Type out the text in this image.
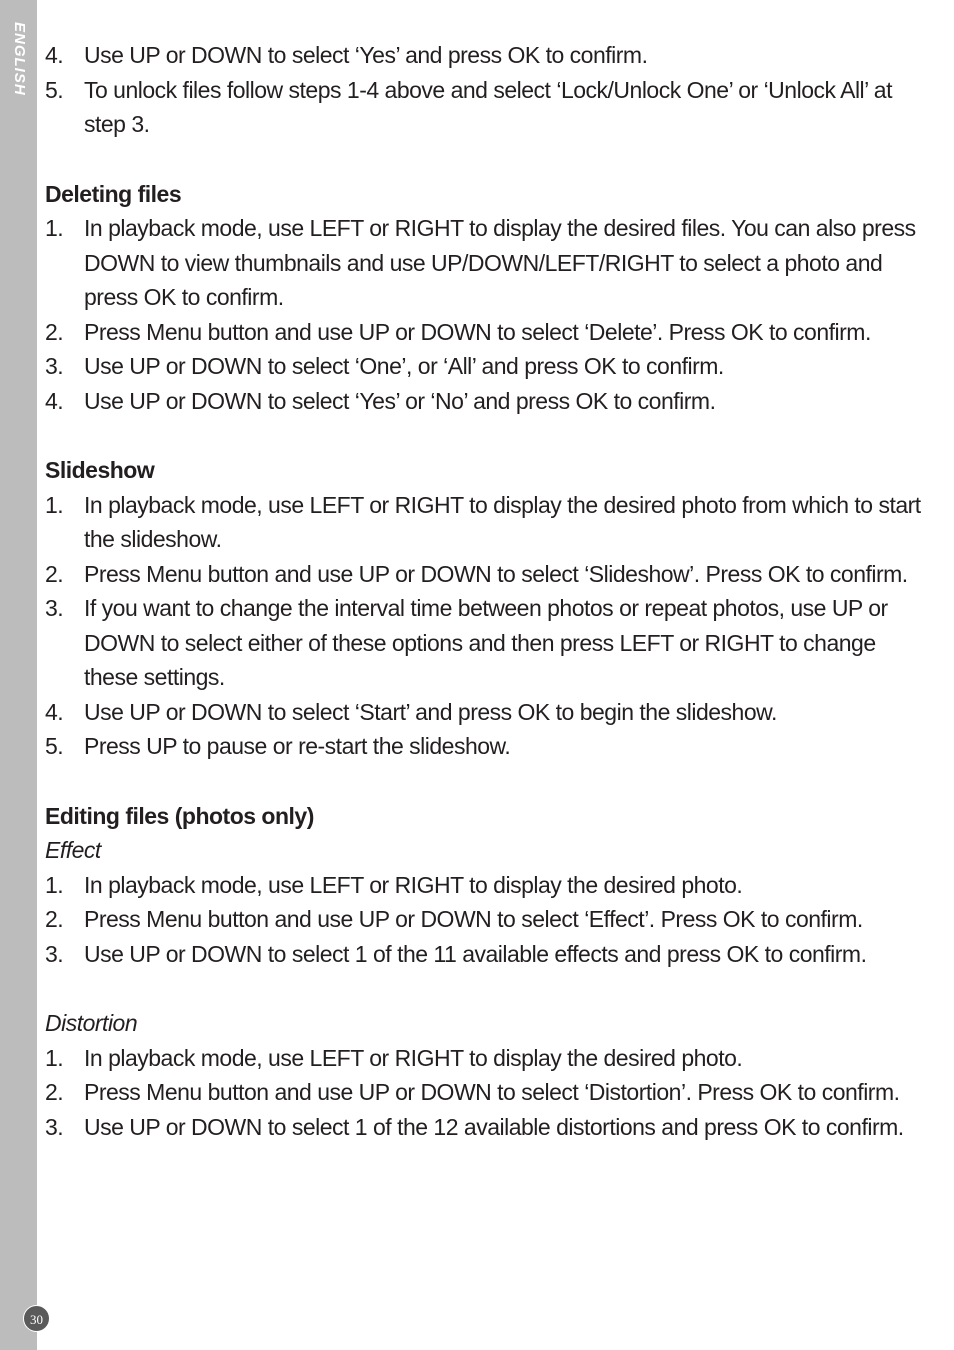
ENGLISH
30
4. Use UP or DOWN to select ‘Yes’ and press OK to confirm.
5. To unlock files follow steps 1-4 above and select ‘Lock/Unlock One’ or ‘Unlock All’ at step 3.
Deleting files
1. In playback mode, use LEFT or RIGHT to display the desired files. You can also press DOWN to view thumbnails and use UP/DOWN/LEFT/RIGHT to select a photo and press OK to confirm.
2. Press Menu button and use UP or DOWN to select ‘Delete’. Press OK to confirm.
3. Use UP or DOWN to select ‘One’, or ‘All’ and press OK to confirm.
4. Use UP or DOWN to select ‘Yes’ or ‘No’ and press OK to confirm.
Slideshow
1. In playback mode, use LEFT or RIGHT to display the desired photo from which to start the slideshow.
2. Press Menu button and use UP or DOWN to select ‘Slideshow’. Press OK to confirm.
3. If you want to change the interval time between photos or repeat photos, use UP or DOWN to select either of these options and then press LEFT or RIGHT to change these settings.
4. Use UP or DOWN to select ‘Start’ and press OK to begin the slideshow.
5. Press UP to pause or re-start the slideshow.
Editing files (photos only)
Effect
1. In playback mode, use LEFT or RIGHT to display the desired photo.
2. Press Menu button and use UP or DOWN to select ‘Effect’. Press OK to confirm.
3. Use UP or DOWN to select 1 of the 11 available effects and press OK to confirm.
Distortion
1. In playback mode, use LEFT or RIGHT to display the desired photo.
2. Press Menu button and use UP or DOWN to select ‘Distortion’. Press OK to confirm.
3. Use UP or DOWN to select 1 of the 12 available distortions and press OK to confirm.
